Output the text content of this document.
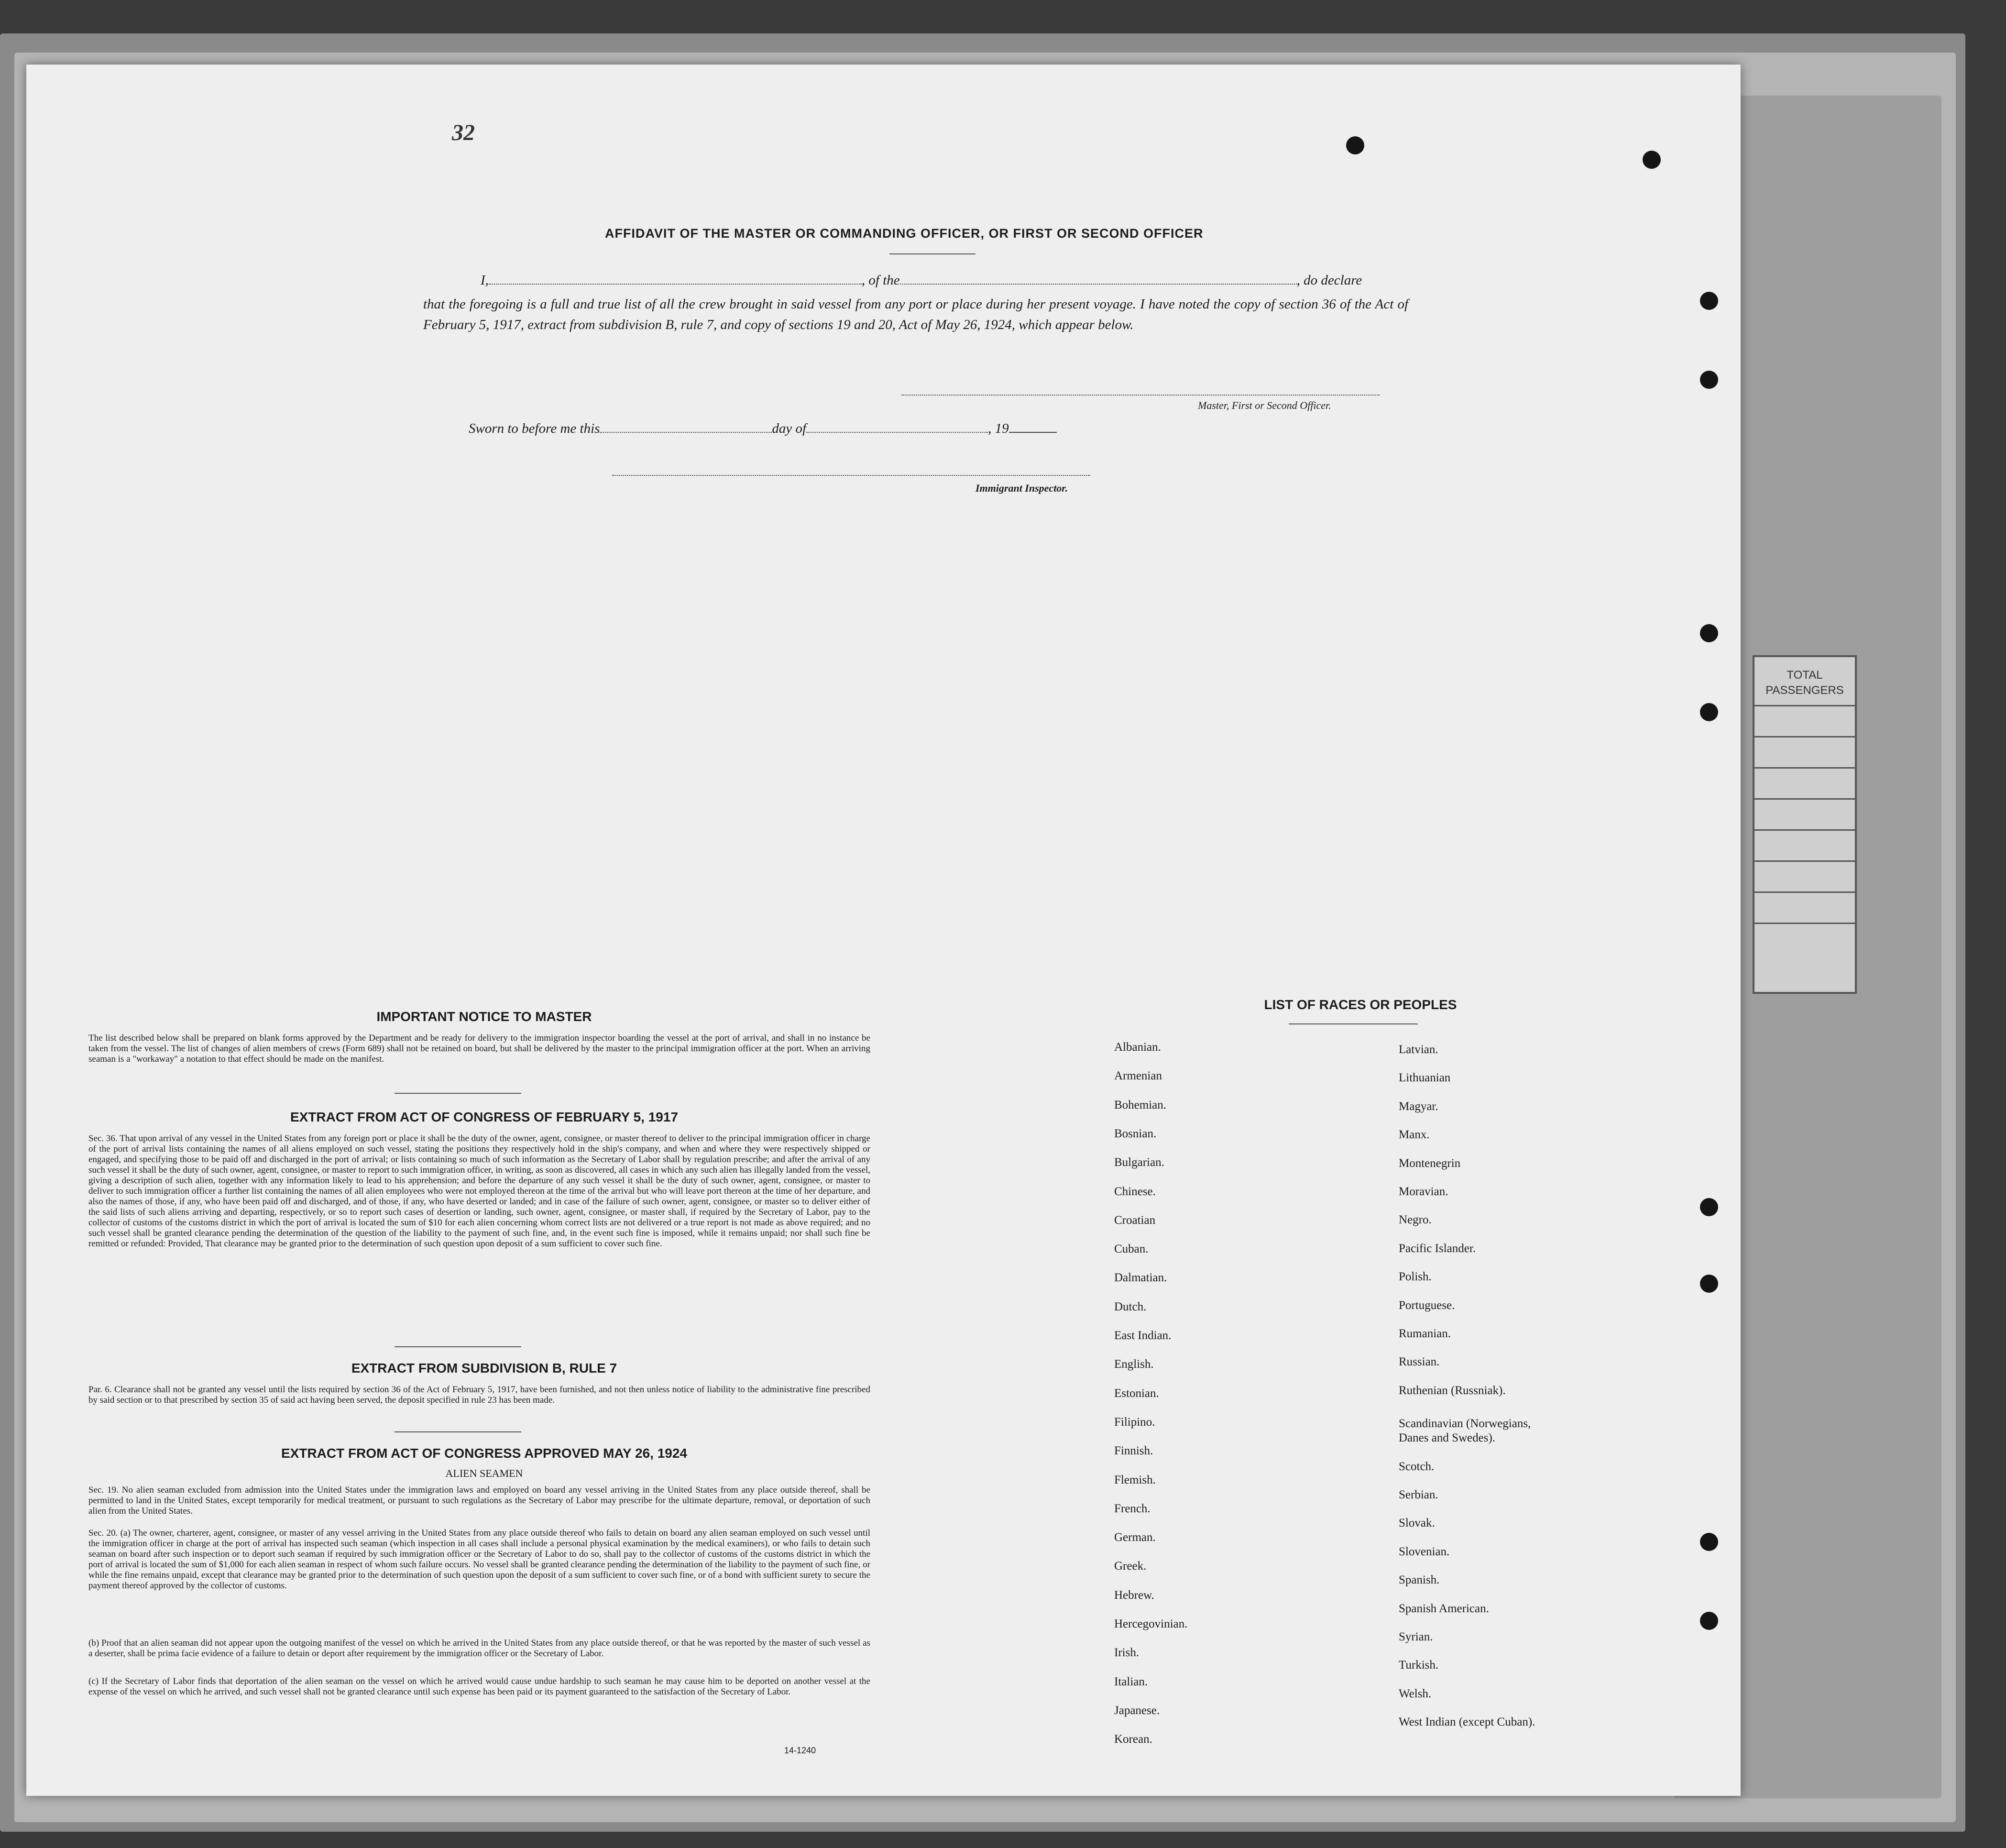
TOTAL
PASSENGERS
32
AFFIDAVIT OF THE MASTER OR COMMANDING OFFICER, OR FIRST OR SECOND OFFICER
I,	, of the	, do declare
that the foregoing is a full and true list of all the crew brought in said vessel from any port or place during her present voyage. I have noted the copy of section 36 of the Act of February 5, 1917, extract from subdivision B, rule 7, and copy of sections 19 and 20, Act of May 26, 1924, which appear below.
Master, First or Second Officer.
Sworn to before me this	day of	, 19
Immigrant Inspector.
IMPORTANT NOTICE TO MASTER
The list described below shall be prepared on blank forms approved by the Department and be ready for delivery to the immigration inspector boarding the vessel at the port of arrival, and shall in no instance be taken from the vessel. The list of changes of alien members of crews (Form 689) shall not be retained on board, but shall be delivered by the master to the principal immigration officer at the port. When an arriving seaman is a "workaway" a notation to that effect should be made on the manifest.
EXTRACT FROM ACT OF CONGRESS OF FEBRUARY 5, 1917
Sec. 36. That upon arrival of any vessel in the United States from any foreign port or place it shall be the duty of the owner, agent, consignee, or master thereof to deliver to the principal immigration officer in charge of the port of arrival lists containing the names of all aliens employed on such vessel, stating the positions they respectively hold in the ship's company, and when and where they were respectively shipped or engaged, and specifying those to be paid off and discharged in the port of arrival; or lists containing so much of such information as the Secretary of Labor shall by regulation prescribe; and after the arrival of any such vessel it shall be the duty of such owner, agent, consignee, or master to report to such immigration officer, in writing, as soon as discovered, all cases in which any such alien has illegally landed from the vessel, giving a description of such alien, together with any information likely to lead to his apprehension; and before the departure of any such vessel it shall be the duty of such owner, agent, consignee, or master to deliver to such immigration officer a further list containing the names of all alien employees who were not employed thereon at the time of the arrival but who will leave port thereon at the time of her departure, and also the names of those, if any, who have been paid off and discharged, and of those, if any, who have deserted or landed; and in case of the failure of such owner, agent, consignee, or master so to deliver either of the said lists of such aliens arriving and departing, respectively, or so to report such cases of desertion or landing, such owner, agent, consignee, or master shall, if required by the Secretary of Labor, pay to the collector of customs of the customs district in which the port of arrival is located the sum of $10 for each alien concerning whom correct lists are not delivered or a true report is not made as above required; and no such vessel shall be granted clearance pending the determination of the question of the liability to the payment of such fine, and, in the event such fine is imposed, while it remains unpaid; nor shall such fine be remitted or refunded: Provided, That clearance may be granted prior to the determination of such question upon deposit of a sum sufficient to cover such fine.
EXTRACT FROM SUBDIVISION B, RULE 7
Par. 6. Clearance shall not be granted any vessel until the lists required by section 36 of the Act of February 5, 1917, have been furnished, and not then unless notice of liability to the administrative fine prescribed by said section or to that prescribed by section 35 of said act having been served, the deposit specified in rule 23 has been made.
EXTRACT FROM ACT OF CONGRESS APPROVED MAY 26, 1924
ALIEN SEAMEN
Sec. 19. No alien seaman excluded from admission into the United States under the immigration laws and employed on board any vessel arriving in the United States from any place outside thereof, shall be permitted to land in the United States, except temporarily for medical treatment, or pursuant to such regulations as the Secretary of Labor may prescribe for the ultimate departure, removal, or deportation of such alien from the United States.
Sec. 20. (a) The owner, charterer, agent, consignee, or master of any vessel arriving in the United States from any place outside thereof who fails to detain on board any alien seaman employed on such vessel until the immigration officer in charge at the port of arrival has inspected such seaman (which inspection in all cases shall include a personal physical examination by the medical examiners), or who fails to detain such seaman on board after such inspection or to deport such seaman if required by such immigration officer or the Secretary of Labor to do so, shall pay to the collector of customs of the customs district in which the port of arrival is located the sum of $1,000 for each alien seaman in respect of whom such failure occurs. No vessel shall be granted clearance pending the determination of the liability to the payment of such fine, or while the fine remains unpaid, except that clearance may be granted prior to the determination of such question upon the deposit of a sum sufficient to cover such fine, or of a bond with sufficient surety to secure the payment thereof approved by the collector of customs.
(b) Proof that an alien seaman did not appear upon the outgoing manifest of the vessel on which he arrived in the United States from any place outside thereof, or that he was reported by the master of such vessel as a deserter, shall be prima facie evidence of a failure to detain or deport after requirement by the immigration officer or the Secretary of Labor.
(c) If the Secretary of Labor finds that deportation of the alien seaman on the vessel on which he arrived would cause undue hardship to such seaman he may cause him to be deported on another vessel at the expense of the vessel on which he arrived, and such vessel shall not be granted clearance until such expense has been paid or its payment guaranteed to the satisfaction of the Secretary of Labor.
14-1240
LIST OF RACES OR PEOPLES
Albanian.
Armenian
Bohemian.
Bosnian.
Bulgarian.
Chinese.
Croatian
Cuban.
Dalmatian.
Dutch.
East Indian.
English.
Estonian.
Filipino.
Finnish.
Flemish.
French.
German.
Greek.
Hebrew.
Hercegovinian.
Irish.
Italian.
Japanese.
Korean.
Latvian.
Lithuanian
Magyar.
Manx.
Montenegrin
Moravian.
Negro.
Pacific Islander.
Polish.
Portuguese.
Rumanian.
Russian.
Ruthenian (Russniak).
Scandinavian (Norwegians,
Danes and Swedes).
Scotch.
Serbian.
Slovak.
Slovenian.
Spanish.
Spanish American.
Syrian.
Turkish.
Welsh.
West Indian (except Cuban).
